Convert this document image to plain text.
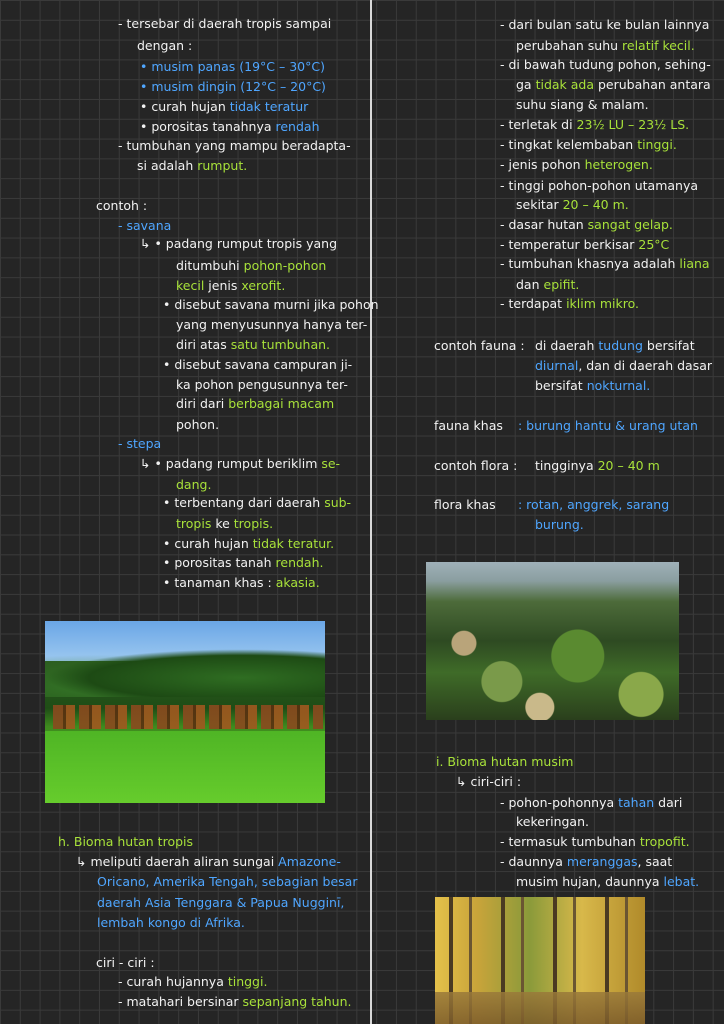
- tersebar di daerah tropis sampai
dengan :
• musim panas (19°C – 30°C)
• musim dingin (12°C – 20°C)
• curah hujan tidak teratur
• porositas tanahnya rendah
- tumbuhan yang mampu beradapta-
si adalah rumput.
contoh :
- savana
↳ • padang rumput tropis yang
ditumbuhi pohon-pohon
kecil jenis xerofit.
• disebut savana murni jika pohon
yang menyusunnya hanya ter-
diri atas satu tumbuhan.
• disebut savana campuran ji-
ka pohon pengusunnya ter-
diri dari berbagai macam
pohon.
- stepa
↳ • padang rumput beriklim se-
dang.
• terbentang dari daerah sub-
tropis ke tropis.
• curah hujan tidak teratur.
• porositas tanah rendah.
• tanaman khas : akasia.
h. Bioma hutan tropis
↳ meliputi daerah aliran sungai Amazone-
Oricano, Amerika Tengah, sebagian besar
daerah Asia Tenggara & Papua Nugginī,
lembah kongo di Afrika.
ciri - ciri :
- curah hujannya tinggi.
- matahari bersinar sepanjang tahun.
- dari bulan satu ke bulan lainnya
perubahan suhu relatif kecil.
- di bawah tudung pohon, sehing-
ga tidak ada perubahan antara
suhu siang & malam.
- terletak di 23½ LU – 23½ LS.
- tingkat kelembaban tinggi.
- jenis pohon heterogen.
- tinggi pohon-pohon utamanya
sekitar 20 – 40 m.
- dasar hutan sangat gelap.
- temperatur berkisar 25°C
- tumbuhan khasnya adalah liana
dan epifit.
- terdapat iklim mikro.
contoh fauna : di daerah tudung bersifat
diurnal, dan di daerah dasar
bersifat nokturnal.
fauna khas : burung hantu & urang utan
contoh flora : tingginya 20 – 40 m
flora khas : rotan, anggrek, sarang
burung.
i. Bioma hutan musim
↳ ciri-ciri :
- pohon-pohonnya tahan dari
kekeringan.
- termasuk tumbuhan tropofit.
- daunnya meranggas, saat
musim hujan, daunnya lebat.
